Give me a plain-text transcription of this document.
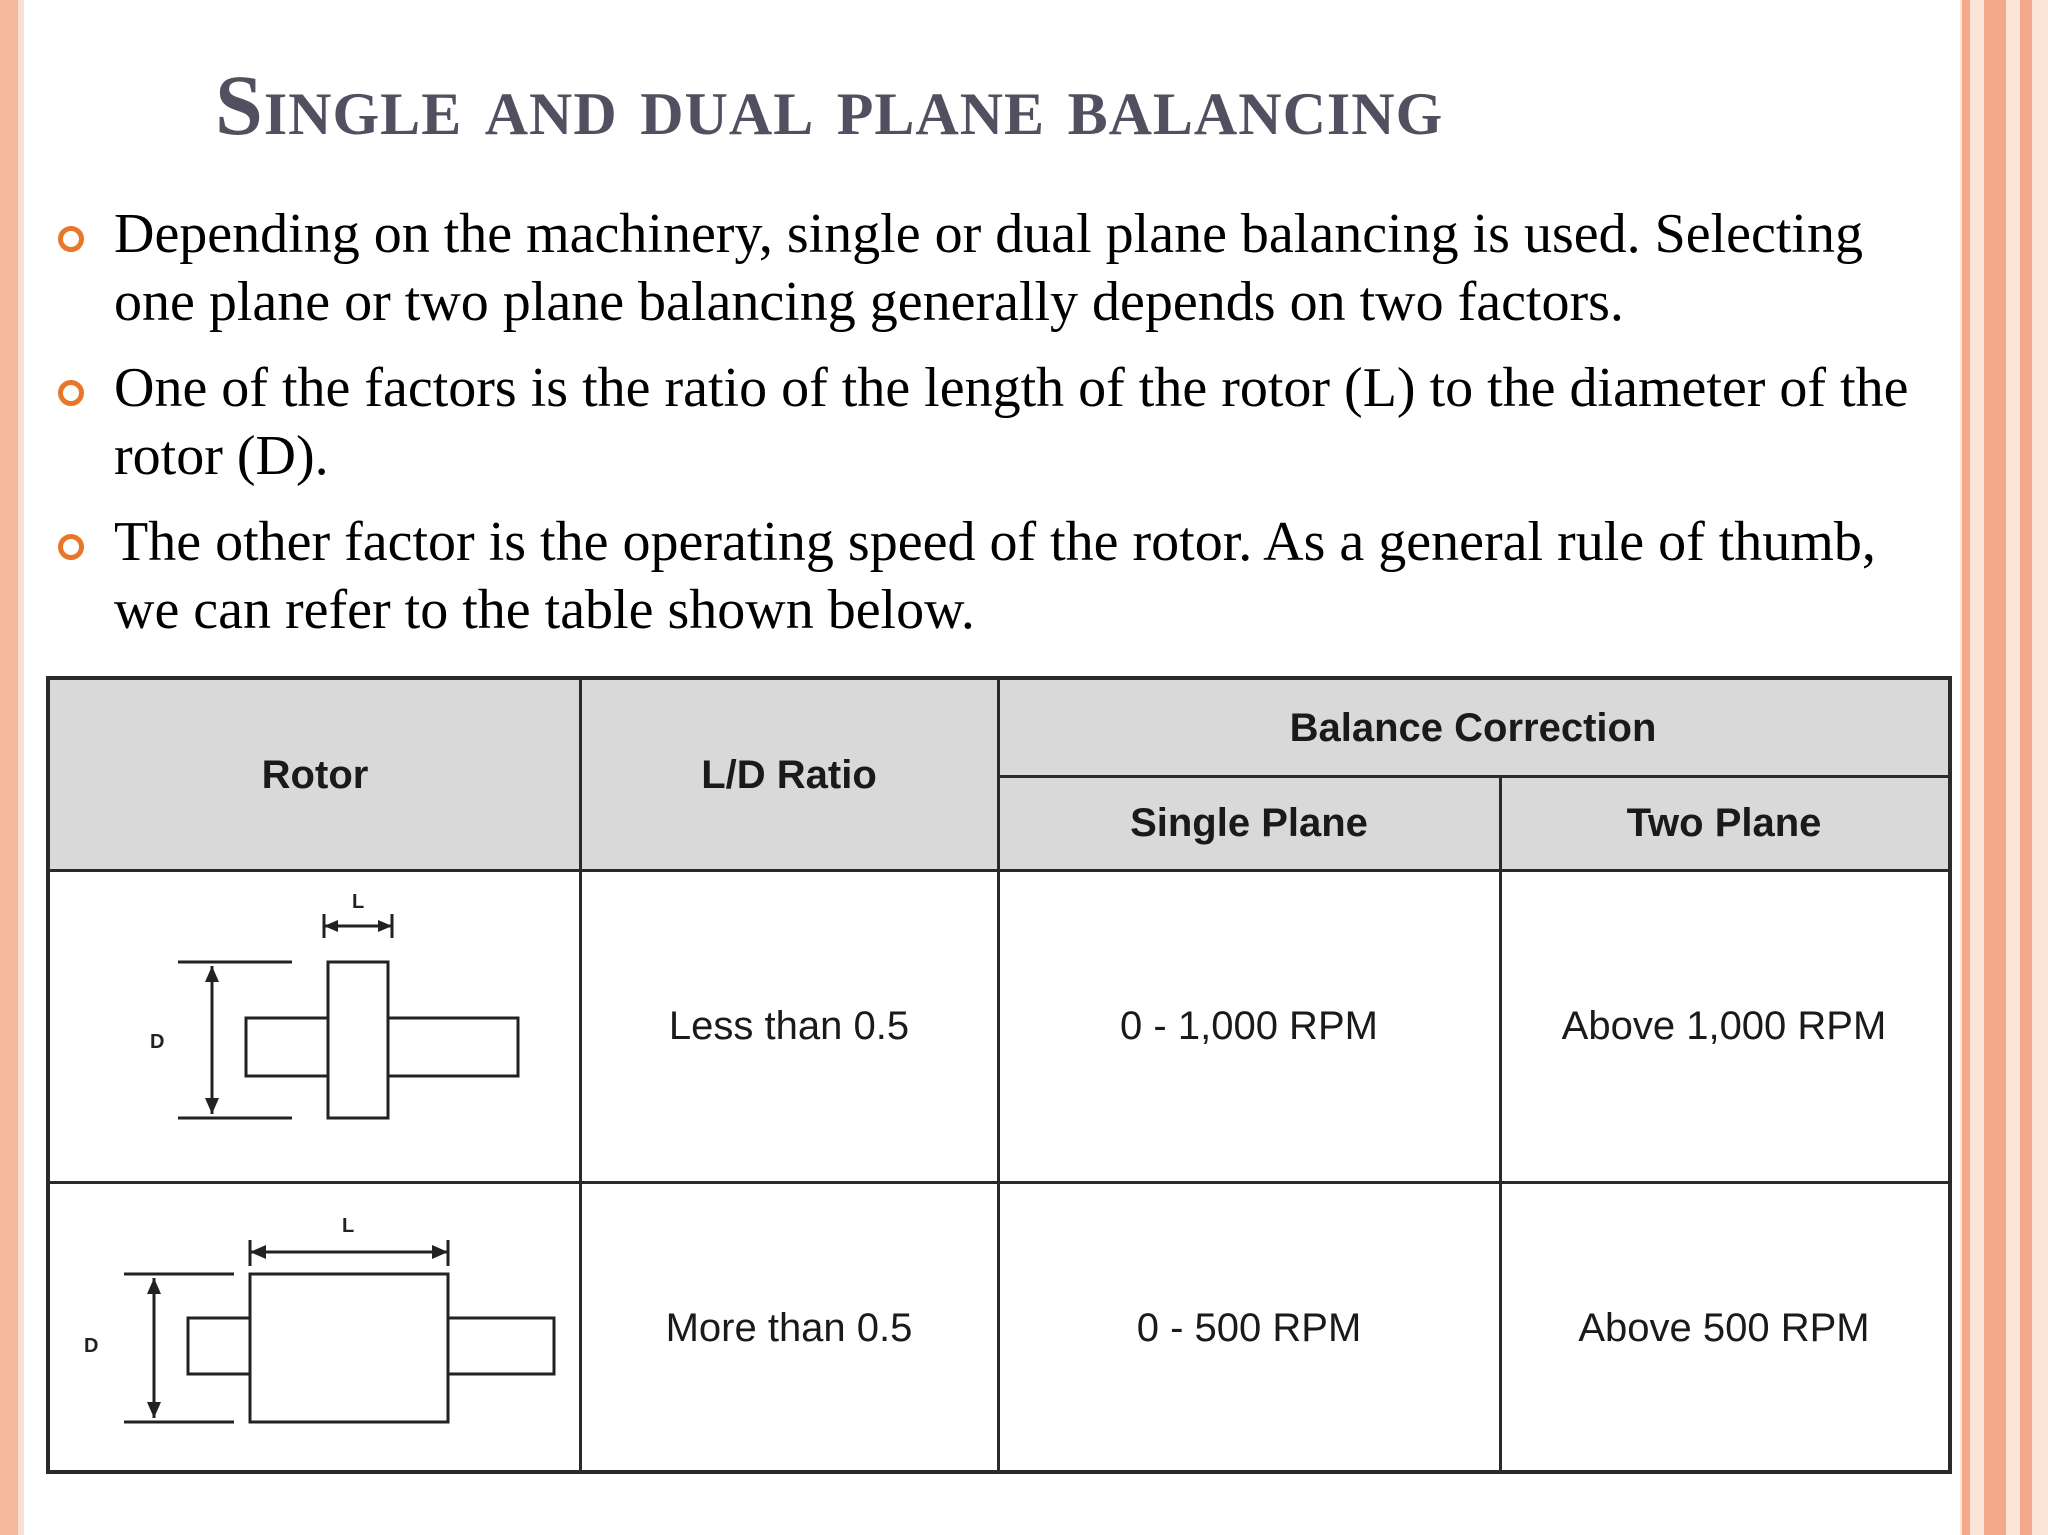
Single and dual plane balancing
Depending on the machinery, single or dual plane balancing is used. Selecting one plane or two plane balancing generally depends on two factors.
One of the factors is the ratio of the length of the rotor (L) to the diameter of the rotor (D).
The other factor is the operating speed of the rotor. As a general rule of thumb, we can refer to the table shown below.
Rotor	L/D Ratio
Balance Correction
Single Plane	Two Plane
L
D	Less than 0.5	0 - 1,000 RPM	Above 1,000 RPM
L
D	More than 0.5	0 - 500 RPM	Above 500 RPM
